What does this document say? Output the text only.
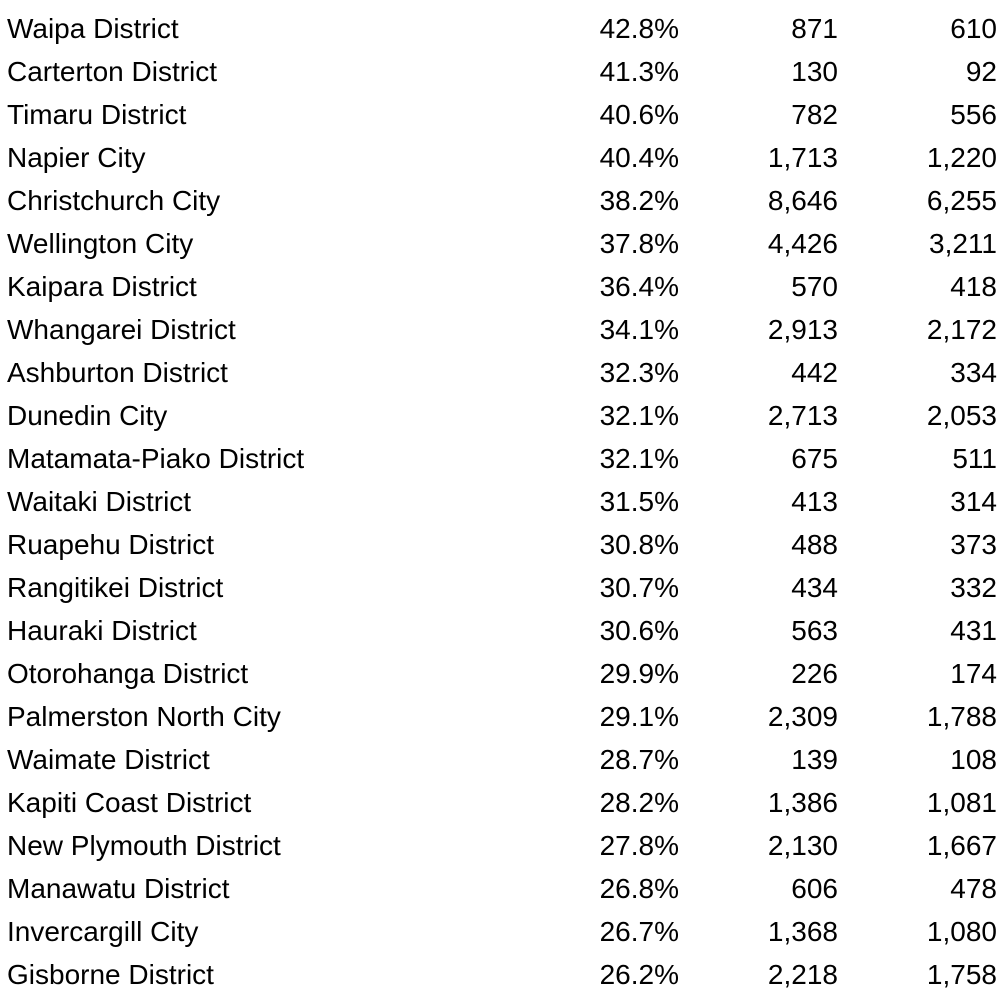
Waipa District	42.8%	871	610
Carterton District	41.3%	130	92
Timaru District	40.6%	782	556
Napier City	40.4%	1,713	1,220
Christchurch City	38.2%	8,646	6,255
Wellington City	37.8%	4,426	3,211
Kaipara District	36.4%	570	418
Whangarei District	34.1%	2,913	2,172
Ashburton District	32.3%	442	334
Dunedin City	32.1%	2,713	2,053
Matamata-Piako District	32.1%	675	511
Waitaki District	31.5%	413	314
Ruapehu District	30.8%	488	373
Rangitikei District	30.7%	434	332
Hauraki District	30.6%	563	431
Otorohanga District	29.9%	226	174
Palmerston North City	29.1%	2,309	1,788
Waimate District	28.7%	139	108
Kapiti Coast District	28.2%	1,386	1,081
New Plymouth District	27.8%	2,130	1,667
Manawatu District	26.8%	606	478
Invercargill City	26.7%	1,368	1,080
Gisborne District	26.2%	2,218	1,758
